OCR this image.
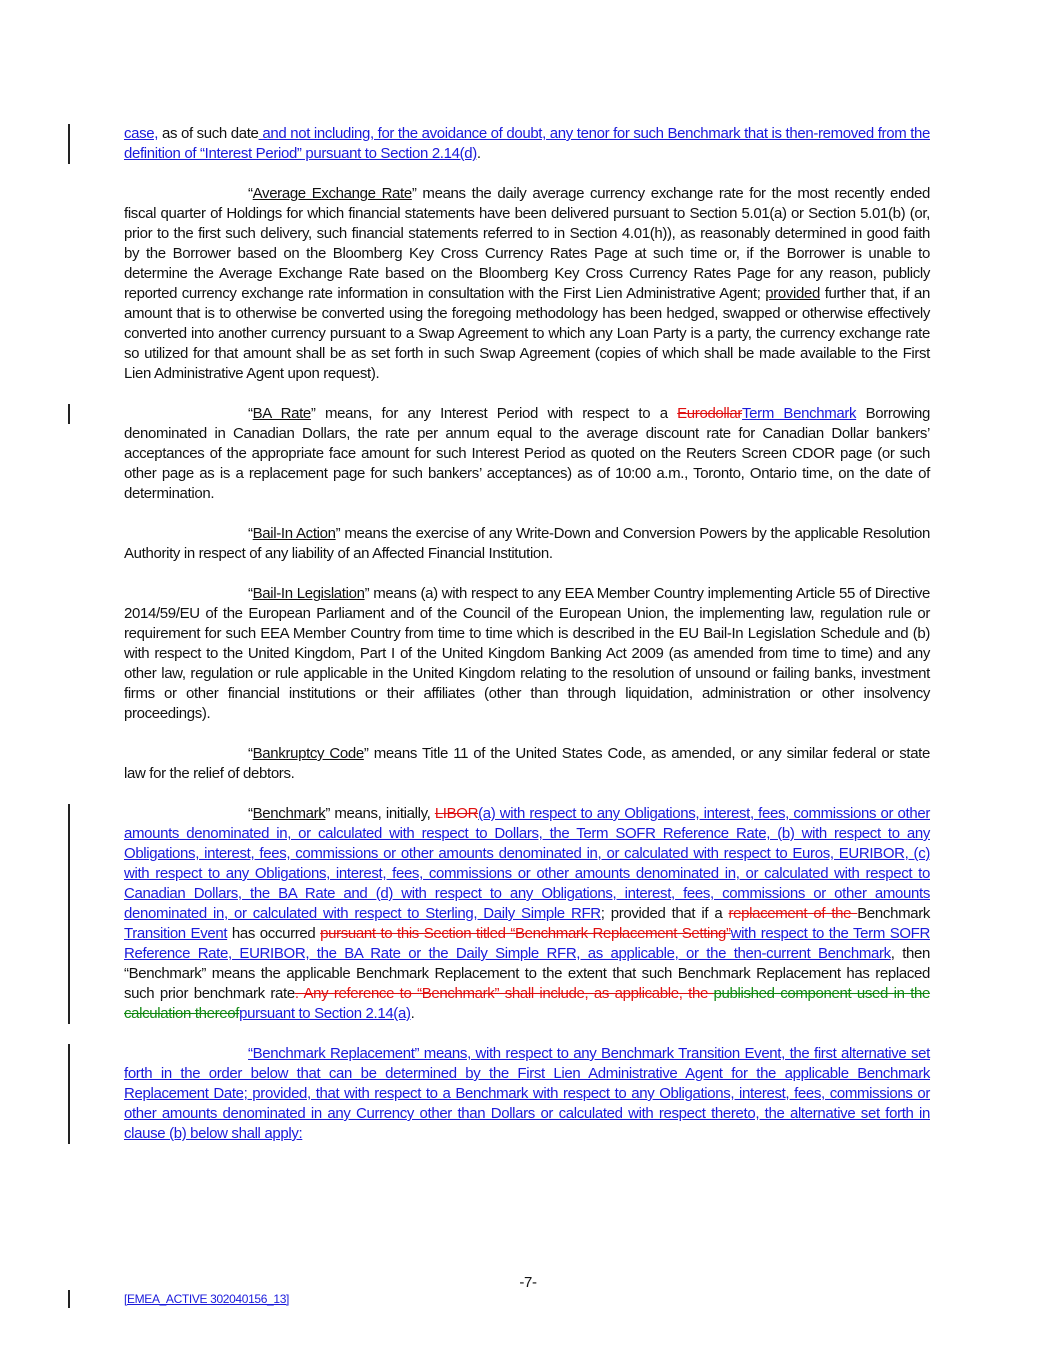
case, as of such date and not including, for the avoidance of doubt, any tenor for such Benchmark that is then-removed from the definition of “Interest Period” pursuant to Section 2.14(d).

“Average Exchange Rate” means the daily average currency exchange rate for the most recently ended fiscal quarter of Holdings for which financial statements have been delivered pursuant to Section 5.01(a) or Section 5.01(b) (or, prior to the first such delivery, such financial statements referred to in Section 4.01(h)), as reasonably determined in good faith by the Borrower based on the Bloomberg Key Cross Currency Rates Page at such time or, if the Borrower is unable to determine the Average Exchange Rate based on the Bloomberg Key Cross Currency Rates Page for any reason, publicly reported currency exchange rate information in consultation with the First Lien Administrative Agent; provided further that, if an amount that is to otherwise be converted using the foregoing methodology has been hedged, swapped or otherwise effectively converted into another currency pursuant to a Swap Agreement to which any Loan Party is a party, the currency exchange rate so utilized for that amount shall be as set forth in such Swap Agreement (copies of which shall be made available to the First Lien Administrative Agent upon request).

“BA Rate” means, for any Interest Period with respect to a EurodollarTerm Benchmark Borrowing denominated in Canadian Dollars, the rate per annum equal to the average discount rate for Canadian Dollar bankers’ acceptances of the appropriate face amount for such Interest Period as quoted on the Reuters Screen CDOR page (or such other page as is a replacement page for such bankers’ acceptances) as of 10:00 a.m., Toronto, Ontario time, on the date of determination.

“Bail-In Action” means the exercise of any Write-Down and Conversion Powers by the applicable Resolution Authority in respect of any liability of an Affected Financial Institution.

“Bail-In Legislation” means (a) with respect to any EEA Member Country implementing Article 55 of Directive 2014/59/EU of the European Parliament and of the Council of the European Union, the implementing law, regulation rule or requirement for such EEA Member Country from time to time which is described in the EU Bail-In Legislation Schedule and (b) with respect to the United Kingdom, Part I of the United Kingdom Banking Act 2009 (as amended from time to time) and any other law, regulation or rule applicable in the United Kingdom relating to the resolution of unsound or failing banks, investment firms or other financial institutions or their affiliates (other than through liquidation, administration or other insolvency proceedings).

“Bankruptcy Code” means Title 11 of the United States Code, as amended, or any similar federal or state law for the relief of debtors.

“Benchmark” means, initially, LIBOR(a) with respect to any Obligations, interest, fees, commissions or other amounts denominated in, or calculated with respect to Dollars, the Term SOFR Reference Rate, (b) with respect to any Obligations, interest, fees, commissions or other amounts denominated in, or calculated with respect to Euros, EURIBOR, (c) with respect to any Obligations, interest, fees, commissions or other amounts denominated in, or calculated with respect to Canadian Dollars, the BA Rate and (d) with respect to any Obligations, interest, fees, commissions or other amounts denominated in, or calculated with respect to Sterling, Daily Simple RFR; provided that if a replacement of the Benchmark Transition Event has occurred pursuant to this Section titled “Benchmark Replacement Setting”with respect to the Term SOFR Reference Rate, EURIBOR, the BA Rate or the Daily Simple RFR, as applicable, or the then-current Benchmark, then “Benchmark” means the applicable Benchmark Replacement to the extent that such Benchmark Replacement has replaced such prior benchmark rate. Any reference to “Benchmark” shall include, as applicable, the published component used in the calculation thereofpursuant to Section 2.14(a).

“Benchmark Replacement” means, with respect to any Benchmark Transition Event, the first alternative set forth in the order below that can be determined by the First Lien Administrative Agent for the applicable Benchmark Replacement Date; provided, that with respect to a Benchmark with respect to any Obligations, interest, fees, commissions or other amounts denominated in any Currency other than Dollars or calculated with respect thereto, the alternative set forth in clause (b) below shall apply:

-7-
[EMEA_ACTIVE 302040156_13]
